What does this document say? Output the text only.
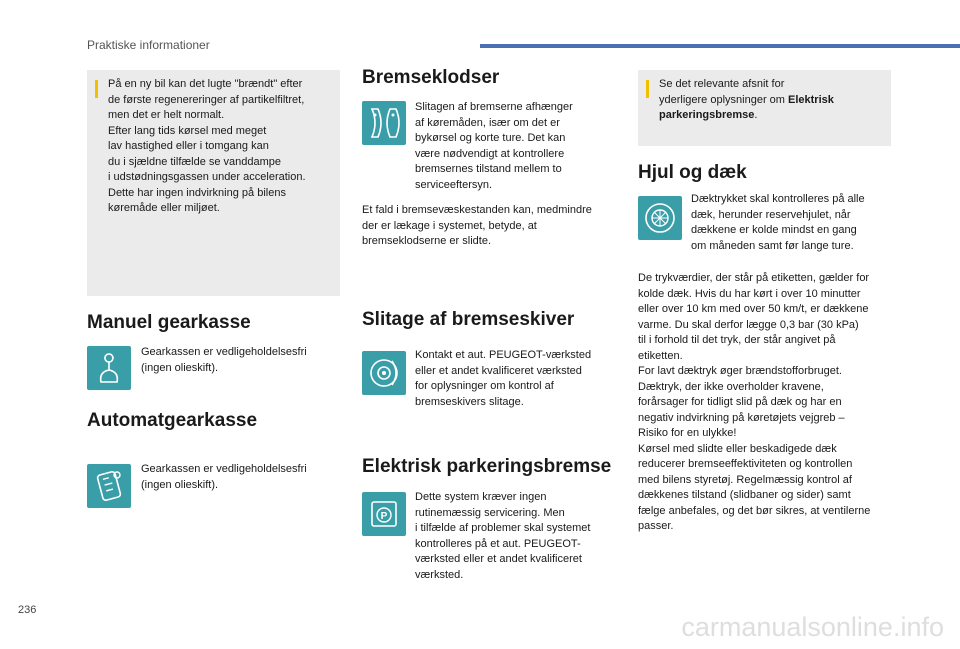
Praktiske informationer
På en ny bil kan det lugte "brændt" efter
de første regenereringer af partikelfiltret,
men det er helt normalt.
Efter lang tids kørsel med meget
lav hastighed eller i tomgang kan
du i sjældne tilfælde se vanddampe
i udstødningsgassen under acceleration.
Dette har ingen indvirkning på bilens
køremåde eller miljøet.
Manuel gearkasse
Gearkassen er vedligeholdelsesfri
(ingen olieskift).
Automatgearkasse
Gearkassen er vedligeholdelsesfri
(ingen olieskift).
Bremseklodser
Slitagen af bremserne afhænger
af køremåden, især om det er
bykørsel og korte ture. Det kan
være nødvendigt at kontrollere
bremsernes tilstand mellem to
serviceeftersyn.
Et fald i bremsevæskestanden kan, medmindre
der er lækage i systemet, betyde, at
bremseklodserne er slidte.
Slitage af bremseskiver
Kontakt et aut. PEUGEOT-værksted
eller et andet kvalificeret værksted
for oplysninger om kontrol af
bremseskivers slitage.
Elektrisk parkeringsbremse
P
Dette system kræver ingen
rutinemæssig servicering. Men
i tilfælde af problemer skal systemet
kontrolleres på et aut. PEUGEOT-
værksted eller et andet kvalificeret
værksted.
Se det relevante afsnit for
yderligere oplysninger om Elektrisk
parkeringsbremse.
Hjul og dæk
Dæktrykket skal kontrolleres på alle
dæk, herunder reservehjulet, når
dækkene er kolde mindst en gang
om måneden samt før lange ture.
De trykværdier, der står på etiketten, gælder for
kolde dæk. Hvis du har kørt i over 10 minutter
eller over 10 km med over 50 km/t, er dækkene
varme. Du skal derfor lægge 0,3 bar (30 kPa)
til i forhold til det tryk, der står angivet på
etiketten.
For lavt dæktryk øger brændstofforbruget.
Dæktryk, der ikke overholder kravene,
forårsager for tidligt slid på dæk og har en
negativ indvirkning på køretøjets vejgreb –
Risiko for en ulykke!
Kørsel med slidte eller beskadigede dæk
reducerer bremseeffektiviteten og kontrollen
med bilens styretøj. Regelmæssig kontrol af
dækkenes tilstand (slidbaner og sider) samt
fælge anbefales, og det bør sikres, at ventilerne
passer.
236
carmanualsonline.info
